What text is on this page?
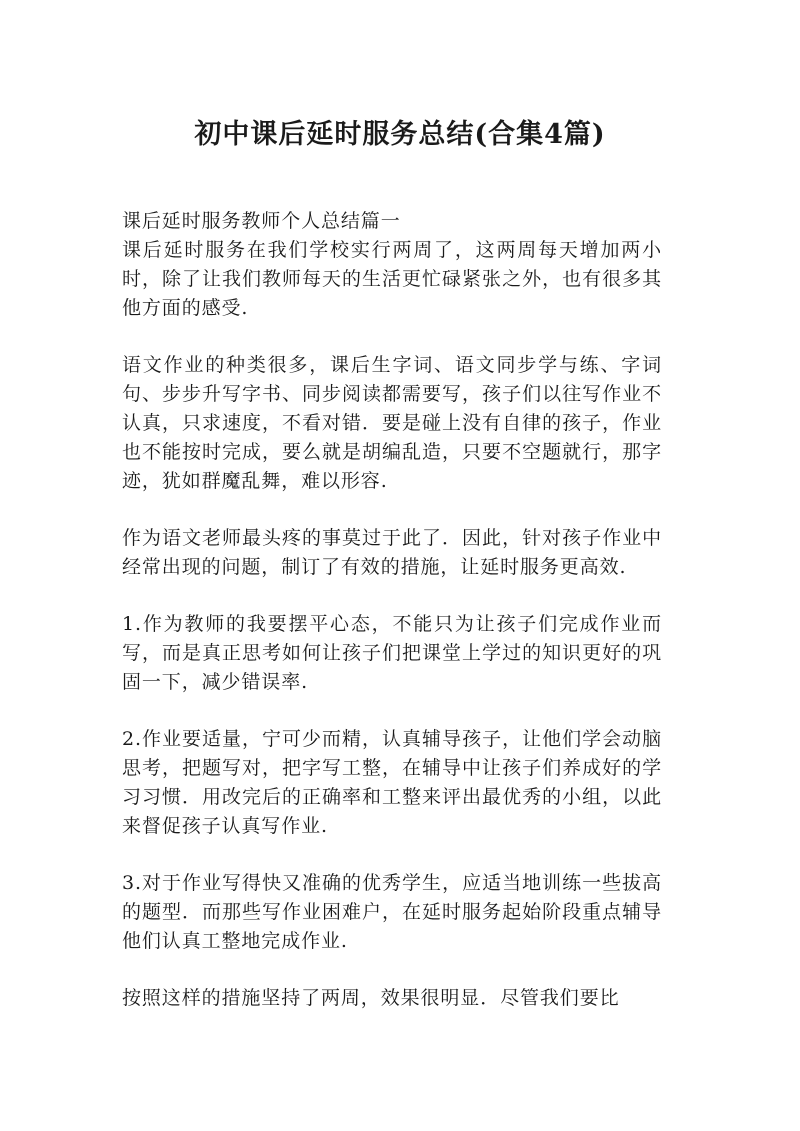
初中课后延时服务总结(合集4篇)

课后延时服务教师个人总结篇一

课后延时服务在我们学校实行两周了，这两周每天增加两小时，除了让我们教师每天的生活更忙碌紧张之外，也有很多其他方面的感受.

语文作业的种类很多，课后生字词、语文同步学与练、字词句、步步升写字书、同步阅读都需要写，孩子们以往写作业不认真，只求速度，不看对错．要是碰上没有自律的孩子，作业也不能按时完成，要么就是胡编乱造，只要不空题就行，那字迹，犹如群魔乱舞，难以形容.

作为语文老师最头疼的事莫过于此了．因此，针对孩子作业中经常出现的问题，制订了有效的措施，让延时服务更高效.

1.作为教师的我要摆平心态，不能只为让孩子们完成作业而写，而是真正思考如何让孩子们把课堂上学过的知识更好的巩固一下，减少错误率.

2.作业要适量，宁可少而精，认真辅导孩子，让他们学会动脑思考，把题写对，把字写工整，在辅导中让孩子们养成好的学习习惯．用改完后的正确率和工整来评出最优秀的小组，以此来督促孩子认真写作业.

3.对于作业写得快又准确的优秀学生，应适当地训练一些拔高的题型．而那些写作业困难户，在延时服务起始阶段重点辅导他们认真工整地完成作业.

按照这样的措施坚持了两周，效果很明显．尽管我们要比
